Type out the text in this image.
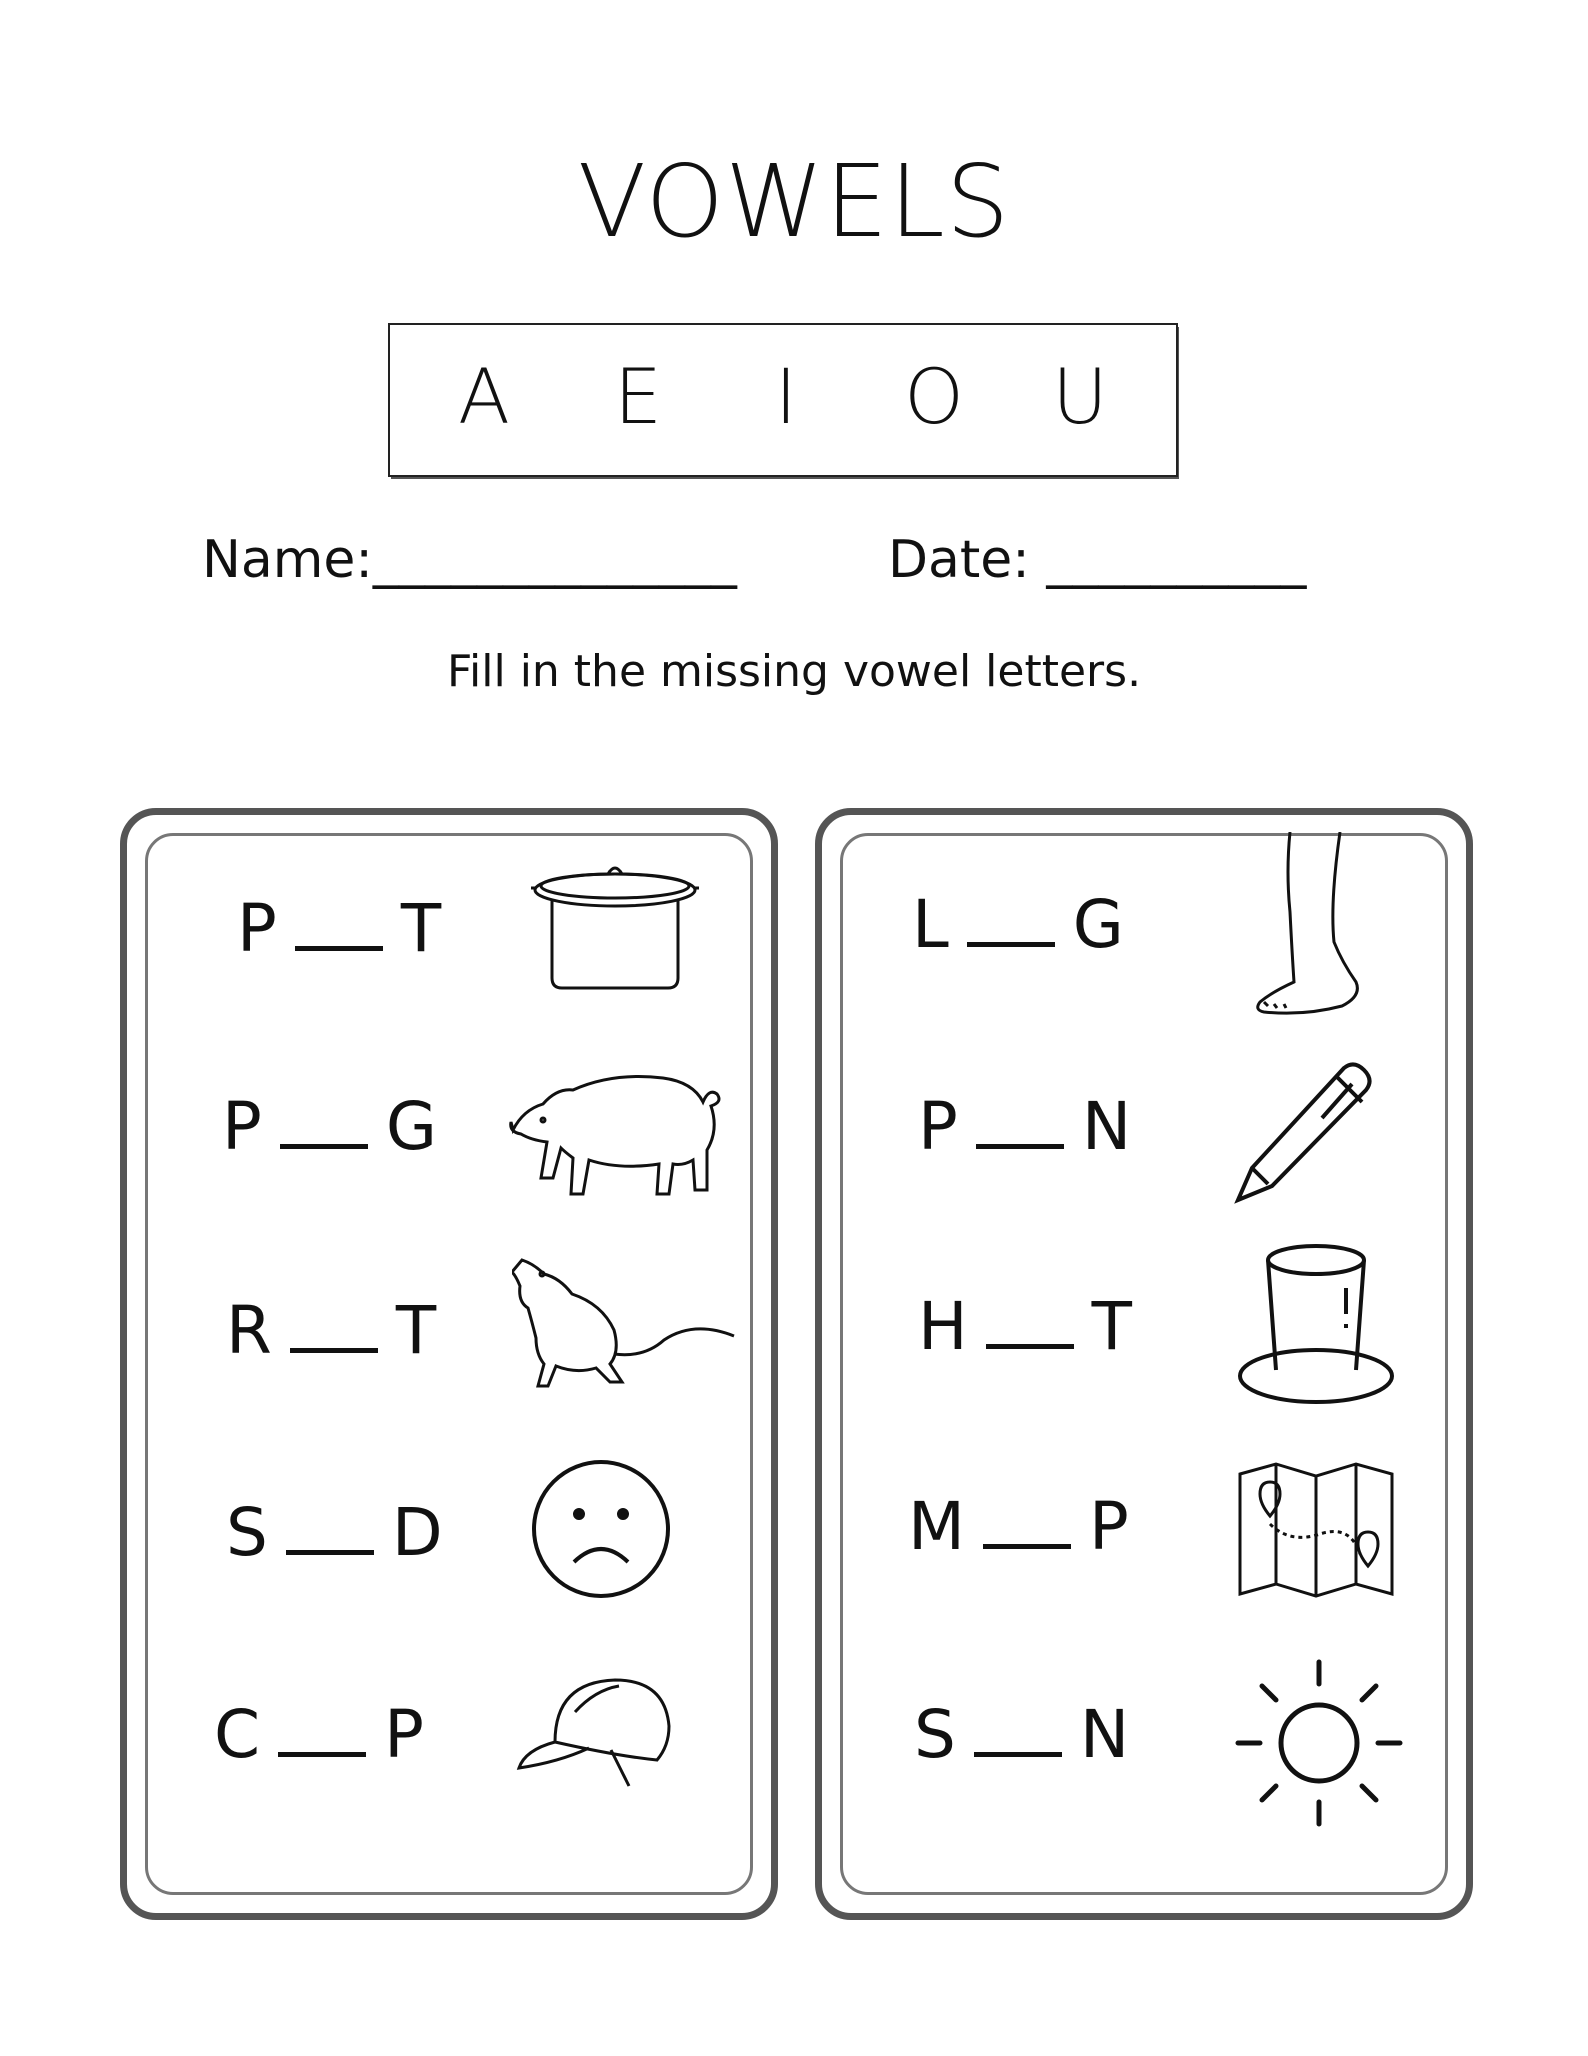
VOWELS
A	E	I	O U
Name:______________	Date: __________
Fill in the missing vowel letters.
P T
P G
R T
S D
C P
L G
P N
H T
M P
S N
